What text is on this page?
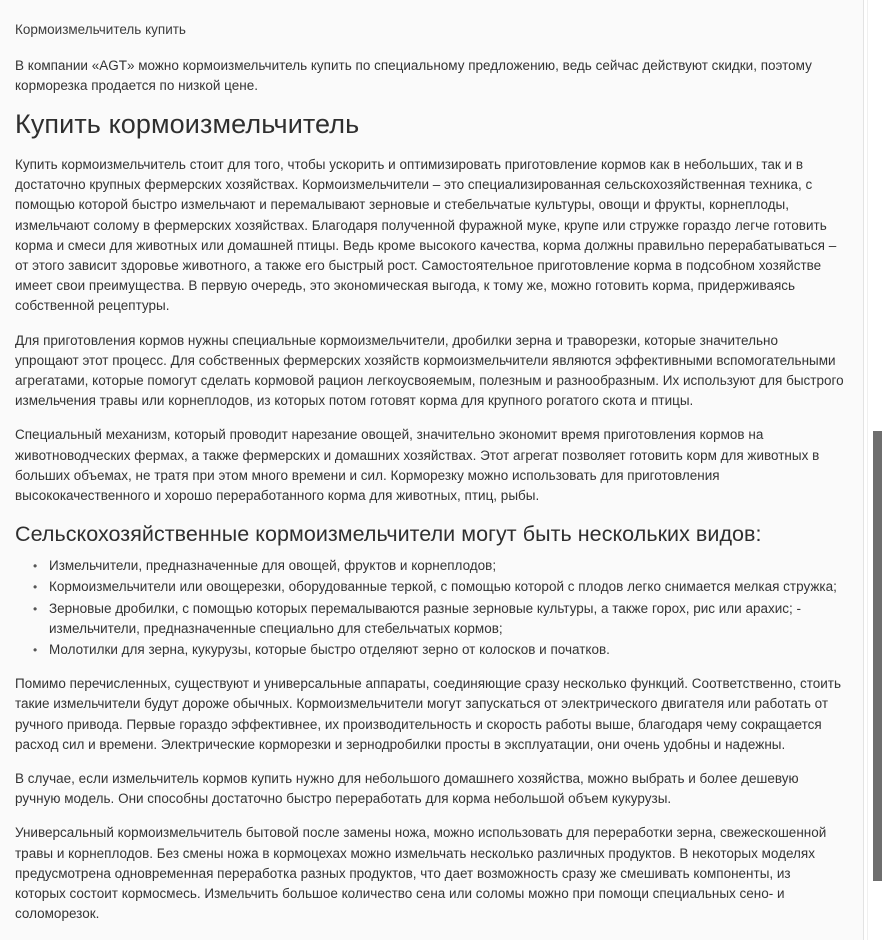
Кормоизмельчитель купить

В компании «AGT» можно кормоизмельчитель купить по специальному предложению, ведь сейчас действуют скидки, поэтому корморезка продается по низкой цене.

Купить кормоизмельчитель

Купить кормоизмельчитель стоит для того, чтобы ускорить и оптимизировать приготовление кормов как в небольших, так и в достаточно крупных фермерских хозяйствах. Кормоизмельчители – это специализированная сельскохозяйственная техника, с помощью которой быстро измельчают и перемалывают зерновые и стебельчатые культуры, овощи и фрукты, корнеплоды, измельчают солому в фермерских хозяйствах. Благодаря полученной фуражной муке, крупе или стружке гораздо легче готовить корма и смеси для животных или домашней птицы. Ведь кроме высокого качества, корма должны правильно перерабатываться – от этого зависит здоровье животного, а также его быстрый рост. Самостоятельное приготовление корма в подсобном хозяйстве имеет свои преимущества. В первую очередь, это экономическая выгода, к тому же, можно готовить корма, придерживаясь собственной рецептуры.

Для приготовления кормов нужны специальные кормоизмельчители, дробилки зерна и траворезки, которые значительно упрощают этот процесс. Для собственных фермерских хозяйств кормоизмельчители являются эффективными вспомогательными агрегатами, которые помогут сделать кормовой рацион легкоусвояемым, полезным и разнообразным. Их используют для быстрого измельчения травы или корнеплодов, из которых потом готовят корма для крупного рогатого скота и птицы.

Специальный механизм, который проводит нарезание овощей, значительно экономит время приготовления кормов на животноводческих фермах, а также фермерских и домашних хозяйствах. Этот агрегат позволяет готовить корм для животных в больших объемах, не тратя при этом много времени и сил. Корморезку можно использовать для приготовления высококачественного и хорошо переработанного корма для животных, птиц, рыбы.

Сельскохозяйственные кормоизмельчители могут быть нескольких видов:
• Измельчители, предназначенные для овощей, фруктов и корнеплодов;
• Кормоизмельчители или овощерезки, оборудованные теркой, с помощью которой с плодов легко снимается мелкая стружка;
• Зерновые дробилки, с помощью которых перемалываются разные зерновые культуры, а также горох, рис или арахис; - измельчители, предназначенные специально для стебельчатых кормов;
• Молотилки для зерна, кукурузы, которые быстро отделяют зерно от колосков и початков.

Помимо перечисленных, существуют и универсальные аппараты, соединяющие сразу несколько функций. Соответственно, стоить такие измельчители будут дороже обычных. Кормоизмельчители могут запускаться от электрического двигателя или работать от ручного привода. Первые гораздо эффективнее, их производительность и скорость работы выше, благодаря чему сокращается расход сил и времени. Электрические корморезки и зернодробилки просты в эксплуатации, они очень удобны и надежны.

В случае, если измельчитель кормов купить нужно для небольшого домашнего хозяйства, можно выбрать и более дешевую ручную модель. Они способны достаточно быстро переработать для корма небольшой объем кукурузы.

Универсальный кормоизмельчитель бытовой после замены ножа, можно использовать для переработки зерна, свежескошенной травы и корнеплодов. Без смены ножа в кормоцехах можно измельчать несколько различных продуктов. В некоторых моделях предусмотрена одновременная переработка разных продуктов, что дает возможность сразу же смешивать компоненты, из которых состоит кормосмесь. Измельчить большое количество сена или соломы можно при помощи специальных сено- и соломорезок.
